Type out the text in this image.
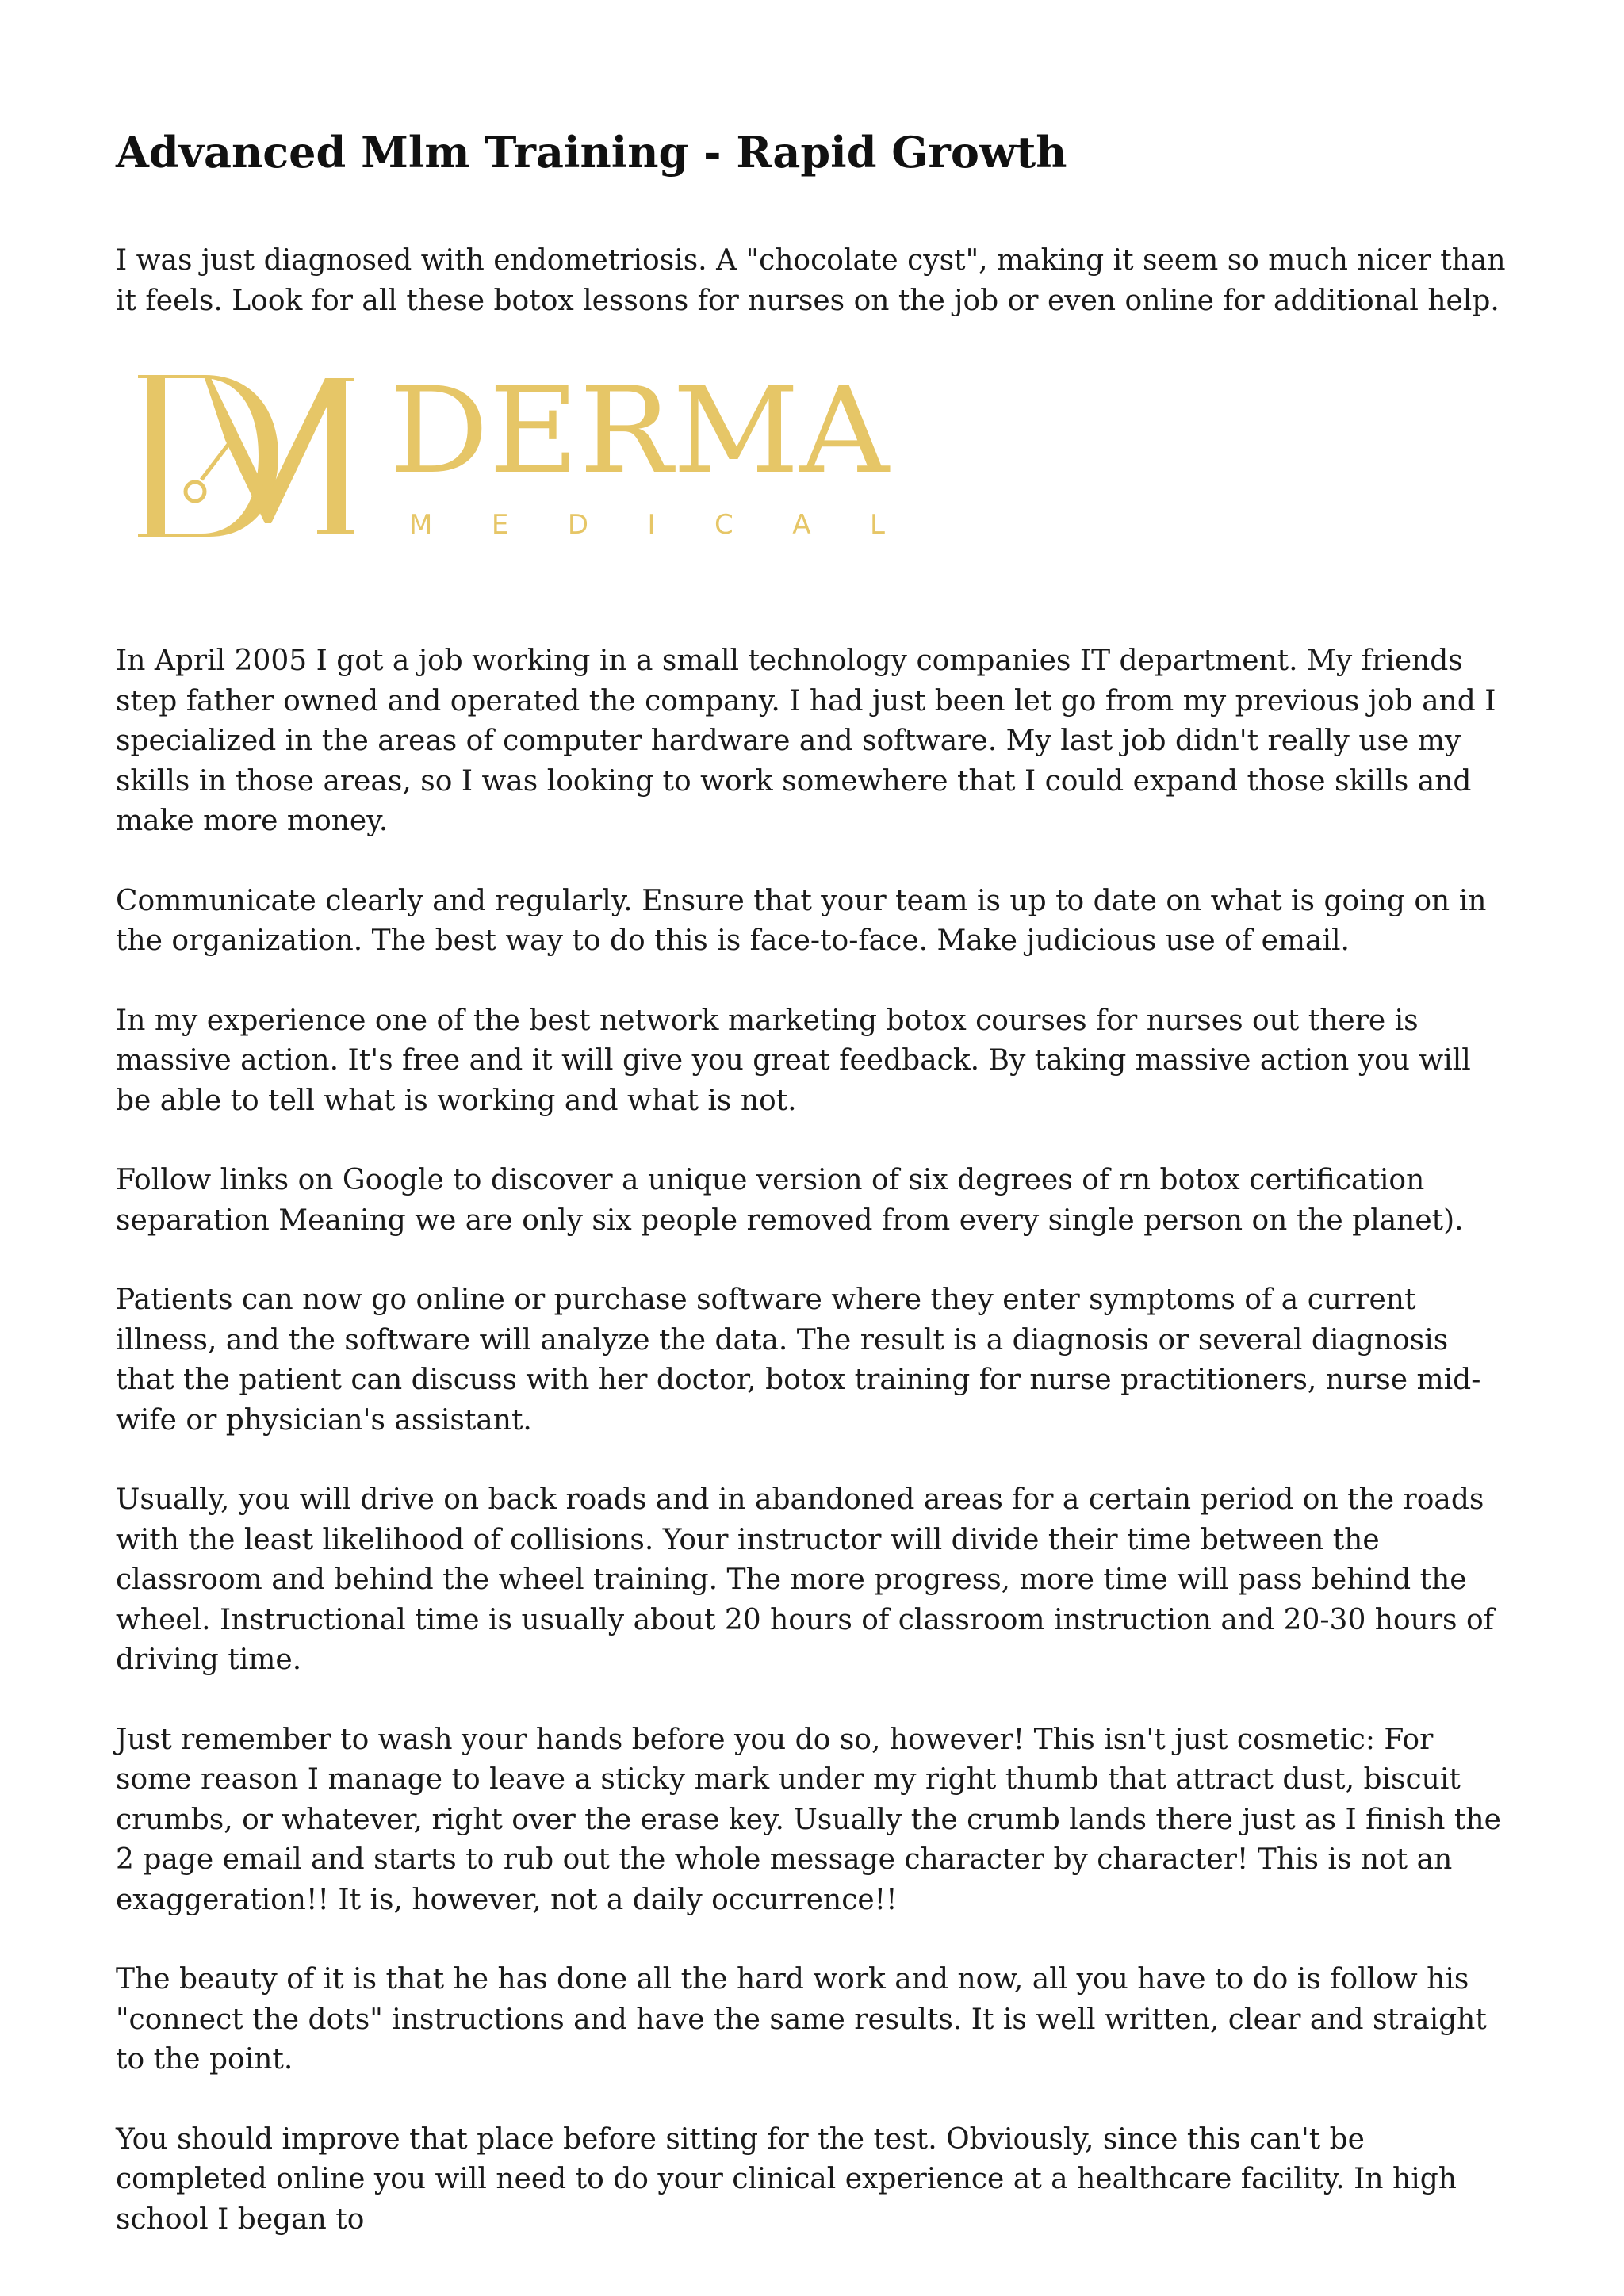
Advanced Mlm Training - Rapid Growth

I was just diagnosed with endometriosis. A "chocolate cyst", making it seem so much nicer than it feels. Look for all these botox lessons for nurses on the job or even online for additional help.

DERMA
MEDICAL

In April 2005 I got a job working in a small technology companies IT department. My friends step father owned and operated the company. I had just been let go from my previous job and I specialized in the areas of computer hardware and software. My last job didn't really use my skills in those areas, so I was looking to work somewhere that I could expand those skills and make more money.

Communicate clearly and regularly. Ensure that your team is up to date on what is going on in the organization. The best way to do this is face-to-face. Make judicious use of email.

In my experience one of the best network marketing botox courses for nurses out there is massive action. It's free and it will give you great feedback. By taking massive action you will be able to tell what is working and what is not.

Follow links on Google to discover a unique version of six degrees of rn botox certification separation Meaning we are only six people removed from every single person on the planet).

Patients can now go online or purchase software where they enter symptoms of a current illness, and the software will analyze the data. The result is a diagnosis or several diagnosis that the patient can discuss with her doctor, botox training for nurse practitioners, nurse mid-wife or physician's assistant.

Usually, you will drive on back roads and in abandoned areas for a certain period on the roads with the least likelihood of collisions. Your instructor will divide their time between the classroom and behind the wheel training. The more progress, more time will pass behind the wheel. Instructional time is usually about 20 hours of classroom instruction and 20-30 hours of driving time.

Just remember to wash your hands before you do so, however! This isn't just cosmetic: For some reason I manage to leave a sticky mark under my right thumb that attract dust, biscuit crumbs, or whatever, right over the erase key. Usually the crumb lands there just as I finish the 2 page email and starts to rub out the whole message character by character! This is not an exaggeration!! It is, however, not a daily occurrence!!

The beauty of it is that he has done all the hard work and now, all you have to do is follow his "connect the dots" instructions and have the same results. It is well written, clear and straight to the point.

You should improve that place before sitting for the test. Obviously, since this can't be completed online you will need to do your clinical experience at a healthcare facility. In high school I began to
